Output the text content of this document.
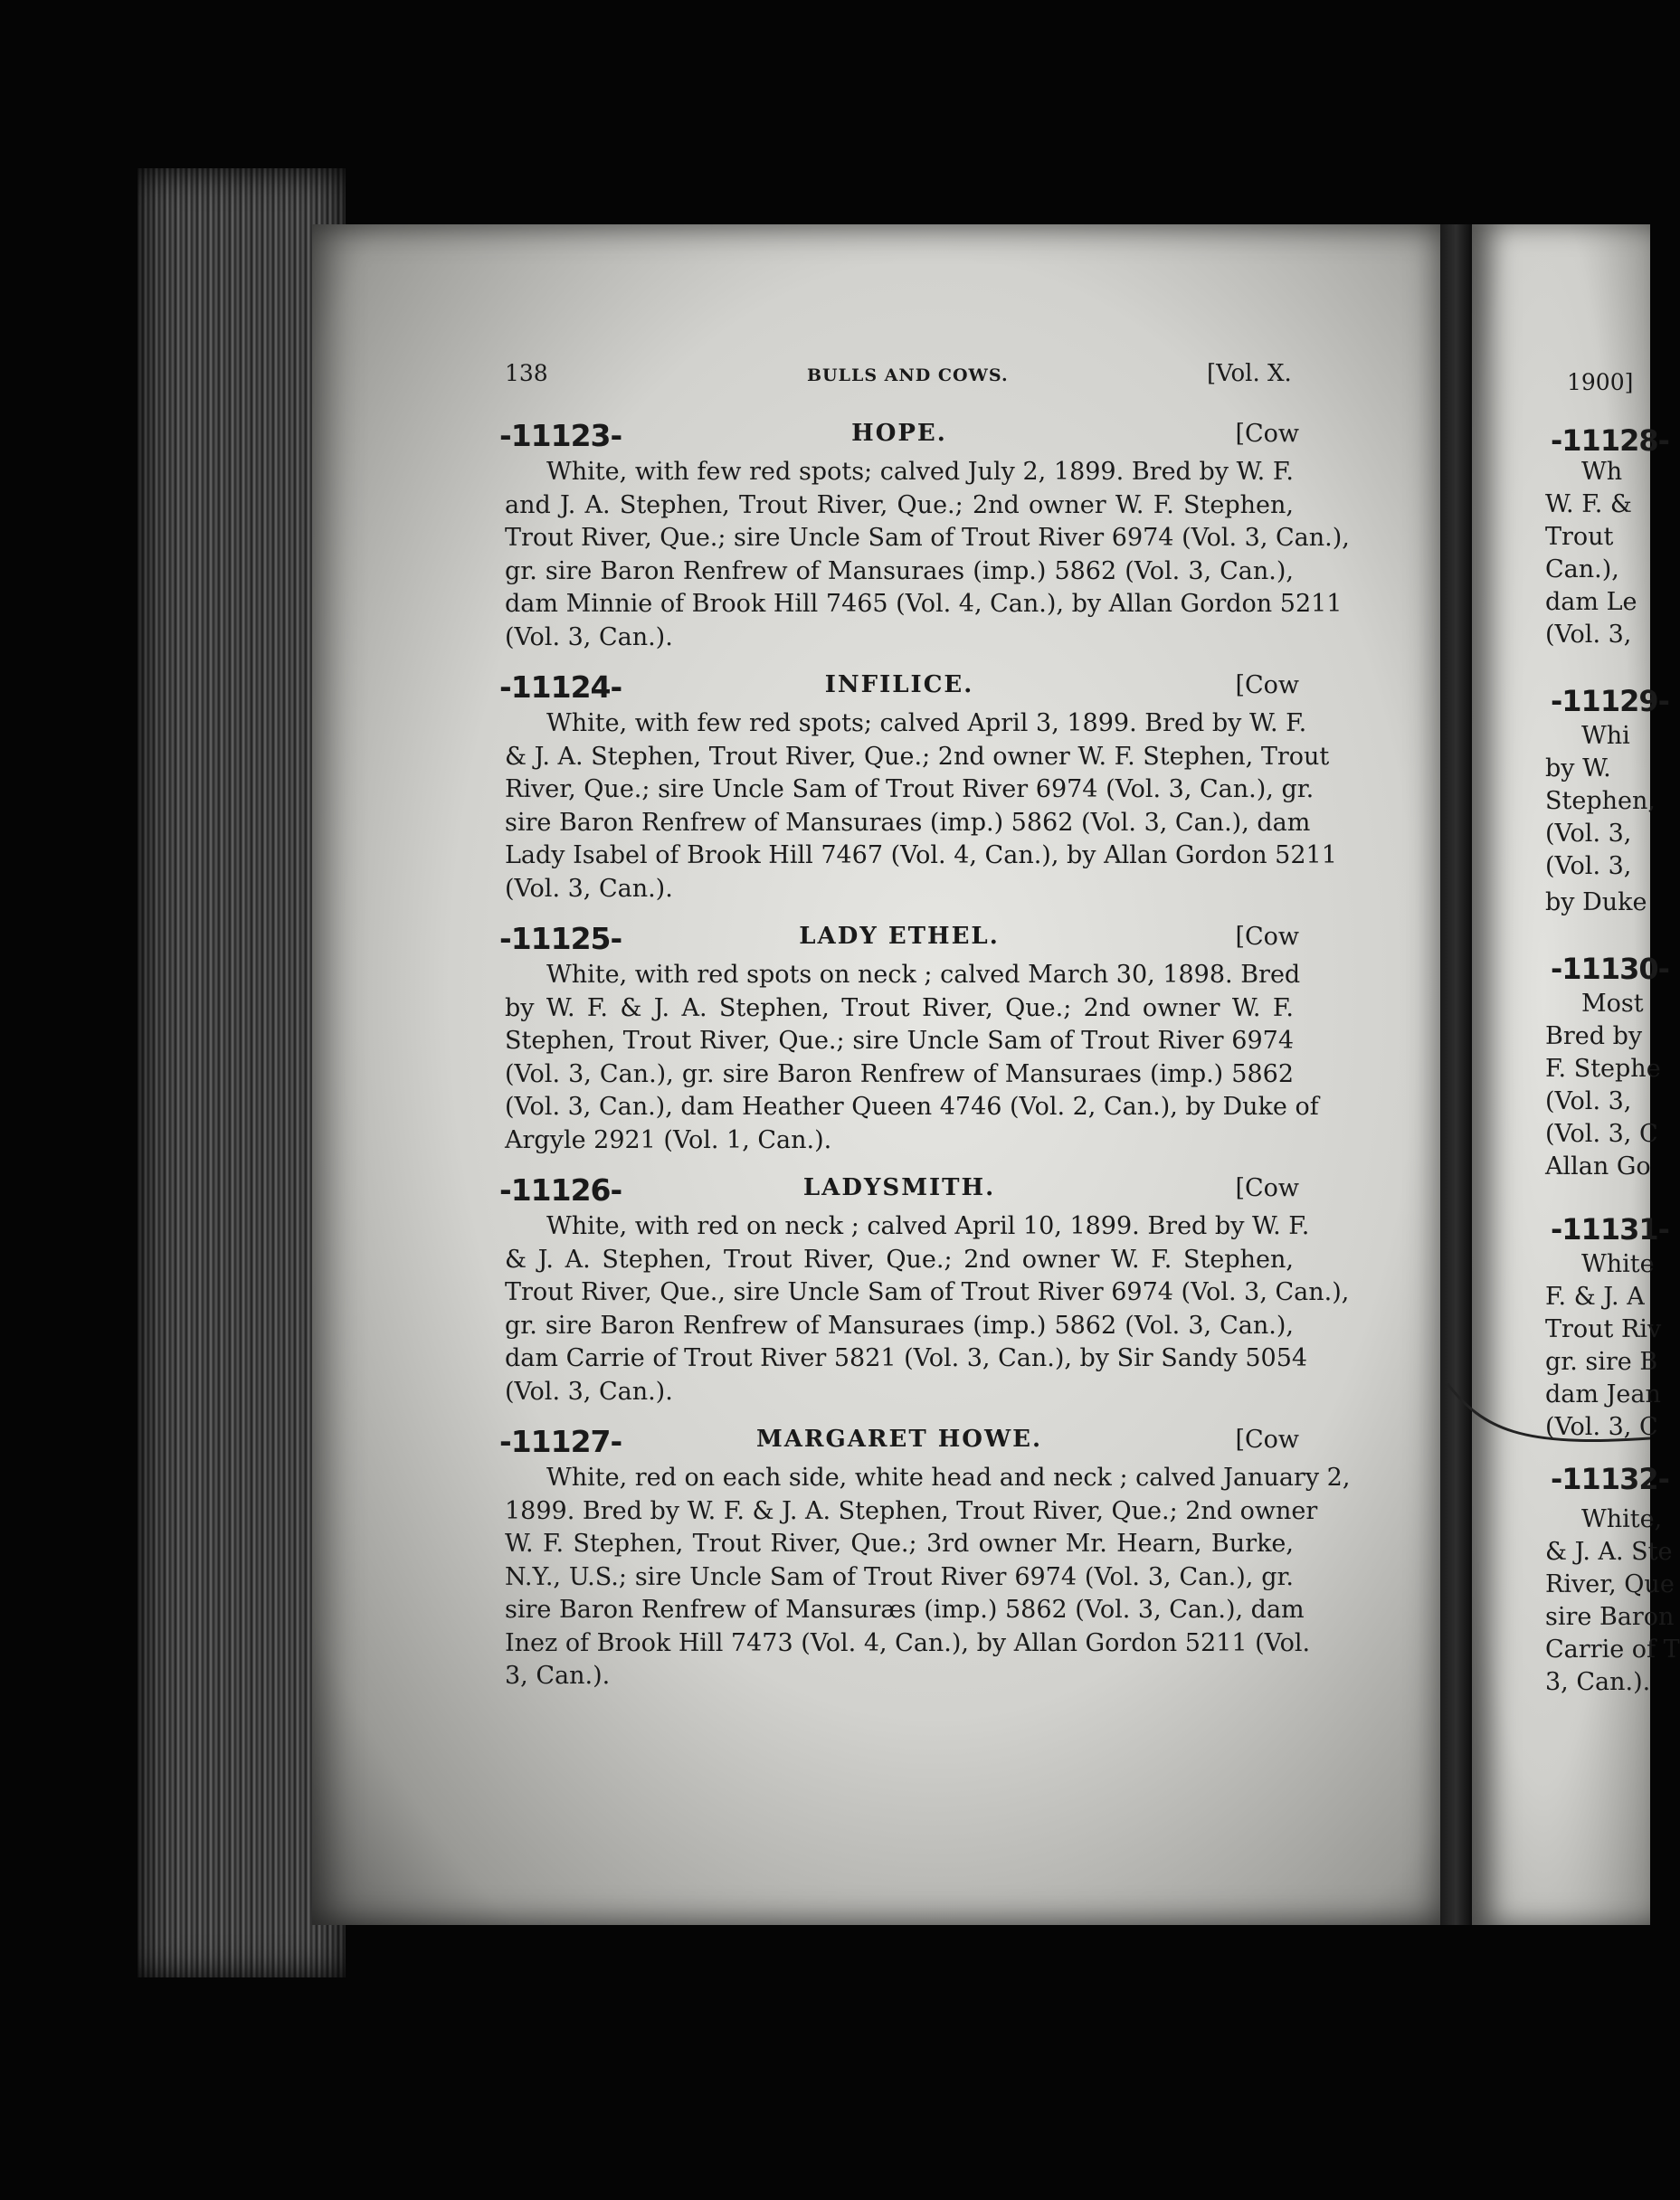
138	BULLS AND COWS.	[Vol. X.
-11123-	HOPE.	[Cow
White, with few red spots; calved July 2, 1899. Bred by W. F.
and J. A. Stephen, Trout River, Que.; 2nd owner W. F. Stephen,
Trout River, Que.; sire Uncle Sam of Trout River 6974 (Vol. 3, Can.),
gr. sire Baron Renfrew of Mansuraes (imp.) 5862 (Vol. 3, Can.),
dam Minnie of Brook Hill 7465 (Vol. 4, Can.), by Allan Gordon 5211
(Vol. 3, Can.).
-11124-	INFILICE.	[Cow
White, with few red spots; calved April 3, 1899. Bred by W. F.
& J. A. Stephen, Trout River, Que.; 2nd owner W. F. Stephen, Trout
River, Que.; sire Uncle Sam of Trout River 6974 (Vol. 3, Can.), gr.
sire Baron Renfrew of Mansuraes (imp.) 5862 (Vol. 3, Can.), dam
Lady Isabel of Brook Hill 7467 (Vol. 4, Can.), by Allan Gordon 5211
(Vol. 3, Can.).
-11125-	LADY ETHEL.	[Cow
White, with red spots on neck ; calved March 30, 1898. Bred
by W. F. & J. A. Stephen, Trout River, Que.; 2nd owner W. F.
Stephen, Trout River, Que.; sire Uncle Sam of Trout River 6974
(Vol. 3, Can.), gr. sire Baron Renfrew of Mansuraes (imp.) 5862
(Vol. 3, Can.), dam Heather Queen 4746 (Vol. 2, Can.), by Duke of
Argyle 2921 (Vol. 1, Can.).
-11126-	LADYSMITH.	[Cow
White, with red on neck ; calved April 10, 1899. Bred by W. F.
& J. A. Stephen, Trout River, Que.; 2nd owner W. F. Stephen,
Trout River, Que., sire Uncle Sam of Trout River 6974 (Vol. 3, Can.),
gr. sire Baron Renfrew of Mansuraes (imp.) 5862 (Vol. 3, Can.),
dam Carrie of Trout River 5821 (Vol. 3, Can.), by Sir Sandy 5054
(Vol. 3, Can.).
-11127-	MARGARET HOWE.	[Cow
White, red on each side, white head and neck ; calved January 2,
1899. Bred by W. F. & J. A. Stephen, Trout River, Que.; 2nd owner
W. F. Stephen, Trout River, Que.; 3rd owner Mr. Hearn, Burke,
N.Y., U.S.; sire Uncle Sam of Trout River 6974 (Vol. 3, Can.), gr.
sire Baron Renfrew of Mansuræs (imp.) 5862 (Vol. 3, Can.), dam
Inez of Brook Hill 7473 (Vol. 4, Can.), by Allan Gordon 5211 (Vol.
3, Can.).
1900]
-11128-
Wh
W. F. &
Trout
Can.),
dam Le
(Vol. 3,
-11129-
Whi
by W.
Stephen,
(Vol. 3,
(Vol. 3,
by Duke
-11130-
Most
Bred by
F. Stephe
(Vol. 3,
(Vol. 3, C
Allan Go
-11131-
White
F. & J. A
Trout Riv
gr. sire B
dam Jean
(Vol. 3, C
-11132-
White,
& J. A. Ste
River, Que
sire Baron
Carrie of T
3, Can.).
